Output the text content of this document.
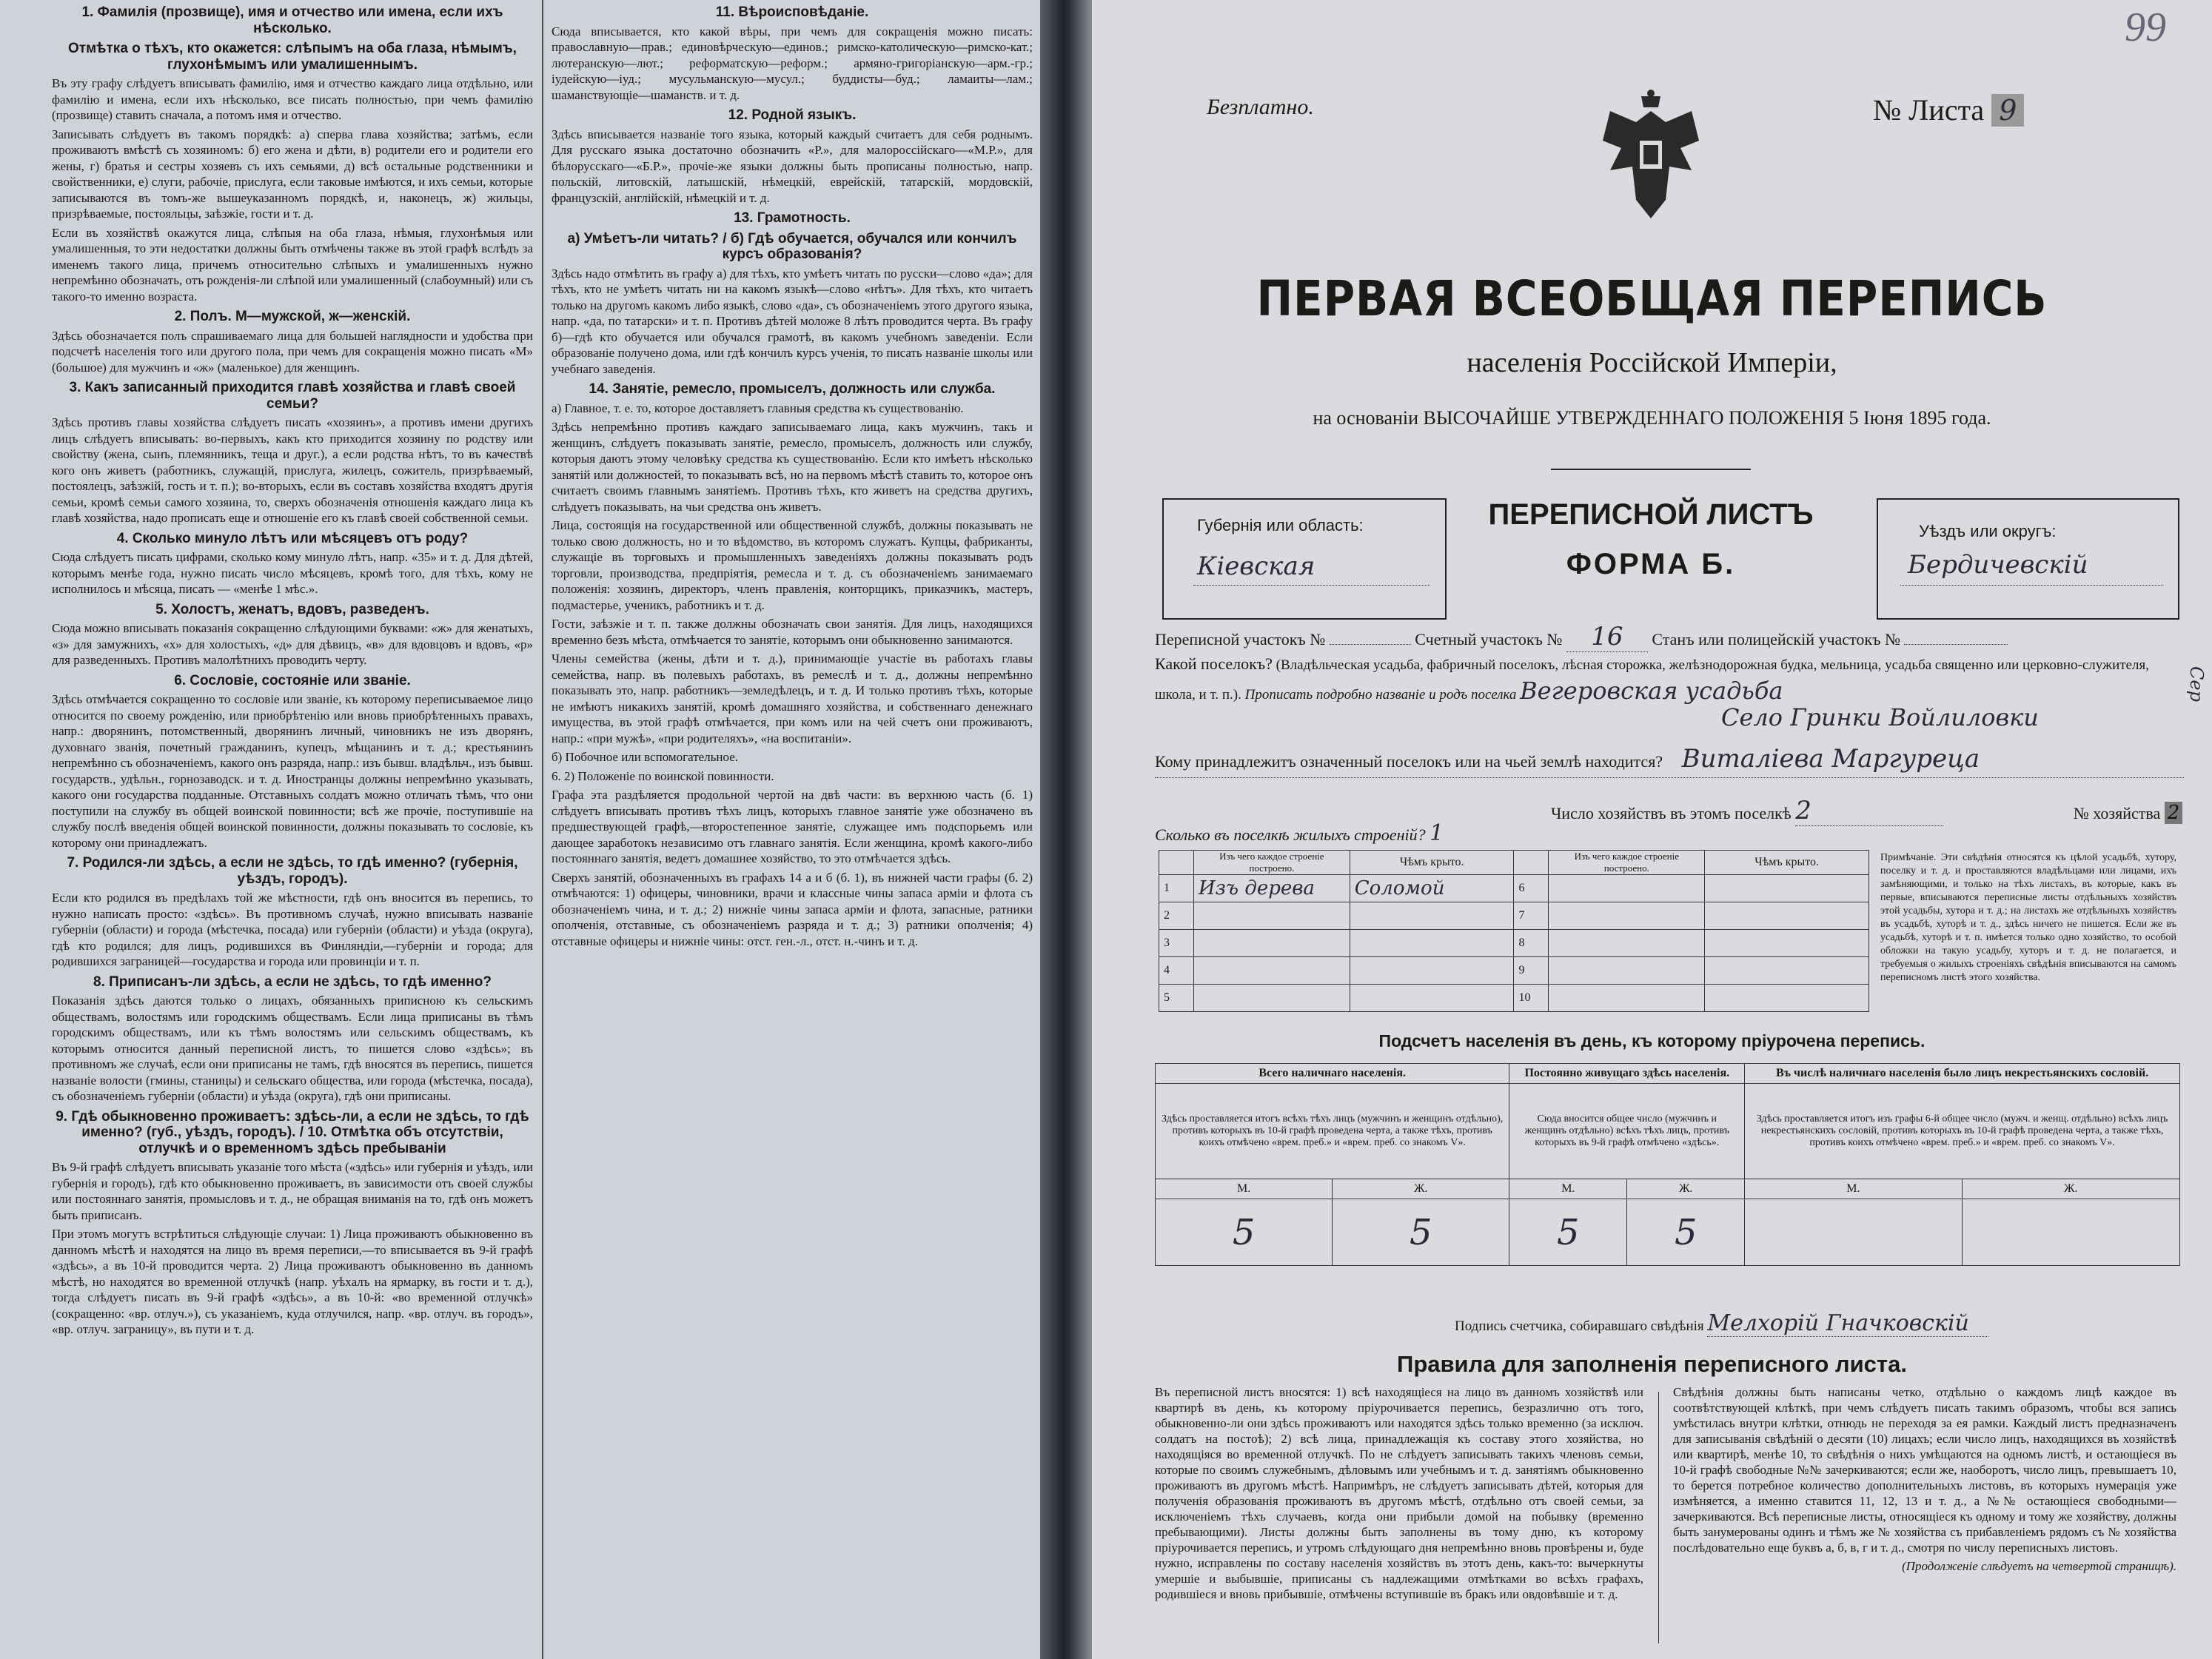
1. Фамилія (прозвище), имя и отчество или имена, если ихъ нѣсколько.
Отмѣтка о тѣхъ, кто окажется: слѣпымъ на оба глаза, нѣмымъ, глухонѣмымъ или умалишеннымъ.

Въ эту графу слѣдуетъ вписывать фамилію, имя и отчество каждаго лица отдѣльно, или фамилію и имена, если ихъ нѣсколько, все писать полностью, при чемъ фамилію (прозвище) ставить сначала, а потомъ имя и отчество.

Записывать слѣдуетъ въ такомъ порядкѣ: а) сперва глава хозяйства; затѣмъ, если проживаютъ вмѣстѣ съ хозяиномъ: б) его жена и дѣти, в) родители его и родители его жены, г) братья и сестры хозяевъ съ ихъ семьями, д) всѣ остальные родственники и свойственники, е) слуги, рабочіе, прислуга, если таковые имѣются, и ихъ семьи, которые записываются въ томъ-же вышеуказанномъ порядкѣ, и, наконецъ, ж) жильцы, призрѣваемые, постояльцы, заѣзжіе, гости и т. д.

Если въ хозяйствѣ окажутся лица, слѣпыя на оба глаза, нѣмыя, глухонѣмыя или умалишенныя, то эти недостатки должны быть отмѣчены также въ этой графѣ вслѣдъ за именемъ такого лица, причемъ относительно слѣпыхъ и умалишенныхъ нужно непремѣнно обозначать, отъ рожденія-ли слѣпой или умалишенный (слабоумный) или съ такого-то именно возраста.

2. Полъ. М—мужской, ж—женскій.

Здѣсь обозначается полъ спрашиваемаго лица для большей наглядности и удобства при подсчетѣ населенія того или другого пола, при чемъ для сокращенія можно писать «М» (большое) для мужчинъ и «ж» (маленькое) для женщинъ.

3. Какъ записанный приходится главѣ хозяйства и главѣ своей семьи?

Здѣсь противъ главы хозяйства слѣдуетъ писать «хозяинъ», а противъ имени другихъ лицъ слѣдуетъ вписывать: во-первыхъ, какъ кто приходится хозяину по родству или свойству (жена, сынъ, племянникъ, теща и друг.), а если родства нѣтъ, то въ качествѣ кого онъ живетъ (работникъ, служащій, прислуга, жилецъ, сожитель, призрѣваемый, постоялецъ, заѣзжій, гость и т. п.); во-вторыхъ, если въ составъ хозяйства входятъ другія семьи, кромѣ семьи самого хозяина, то, сверхъ обозначенія отношенія каждаго лица къ главѣ хозяйства, надо прописать еще и отношеніе его къ главѣ своей собственной семьи.

4. Сколько минуло лѣтъ или мѣсяцевъ отъ роду?

Сюда слѣдуетъ писать цифрами, сколько кому минуло лѣтъ, напр. «35» и т. д. Для дѣтей, которымъ менѣе года, нужно писать число мѣсяцевъ, кромѣ того, для тѣхъ, кому не исполнилось и мѣсяца, писать — «менѣе 1 мѣс.».

5. Холостъ, женатъ, вдовъ, разведенъ.

Сюда можно вписывать показанія сокращенно слѣдующими буквами: «ж» для женатыхъ, «з» для замужнихъ, «х» для холостыхъ, «д» для дѣвицъ, «в» для вдовцовъ и вдовъ, «р» для разведенныхъ. Противъ малолѣтнихъ проводить черту.

6. Сословіе, состояніе или званіе.

Здѣсь отмѣчается сокращенно то сословіе или званіе, къ которому переписываемое лицо относится по своему рожденію, или приобрѣтенію или вновь приобрѣтенныхъ правахъ, напр.: дворянинъ, потомственный, дворянинъ личный, чиновникъ не изъ дворянъ, духовнаго званія, почетный гражданинъ, купецъ, мѣщанинъ и т. д.; крестьянинъ непремѣнно съ обозначеніемъ, какого онъ разряда, напр.: изъ бывш. владѣльч., изъ бывш. государств., удѣльн., горнозаводск. и т. д. Иностранцы должны непремѣнно указывать, какого они государства подданные. Отставныхъ солдатъ можно отличать тѣмъ, что они поступили на службу въ общей воинской повинности; всѣ же прочіе, поступившіе на службу послѣ введенія общей воинской повинности, должны показывать то сословіе, къ которому они принадлежатъ.

7. Родился-ли здѣсь, а если не здѣсь, то гдѣ именно? (губернія, уѣздъ, городъ).

Если кто родился въ предѣлахъ той же мѣстности, гдѣ онъ вносится въ перепись, то нужно написать просто: «здѣсь». Въ противномъ случаѣ, нужно вписывать названіе губерніи (области) и города (мѣстечка, посада) или губерніи (области) и уѣзда (округа), гдѣ кто родился; для лицъ, родившихся въ Финляндіи,—губерніи и города; для родившихся заграницей—государства и города или провинціи и т. п.

8. Приписанъ-ли здѣсь, а если не здѣсь, то гдѣ именно?

Показанія здѣсь даются только о лицахъ, обязанныхъ приписною къ сельскимъ обществамъ, волостямъ или городскимъ обществамъ. Если лица приписаны въ тѣмъ городскимъ обществамъ, или къ тѣмъ волостямъ или сельскимъ обществамъ, къ которымъ относится данный переписной листъ, то пишется слово «здѣсь»; въ противномъ же случаѣ, если они приписаны не тамъ, гдѣ вносятся въ перепись, пишется названіе волости (гмины, станицы) и сельскаго общества, или города (мѣстечка, посада), съ обозначеніемъ губерніи (области) и уѣзда (округа), гдѣ они приписаны.

9. Гдѣ обыкновенно проживаетъ: здѣсь-ли, а если не здѣсь, то гдѣ именно? (губ., уѣздъ, городъ). / 10. Отмѣтка объ отсутствіи, отлучкѣ и о временномъ здѣсь пребываніи

Въ 9-й графѣ слѣдуетъ вписывать указаніе того мѣста («здѣсь» или губернія и уѣздъ, или губернія и городъ), гдѣ кто обыкновенно проживаетъ, въ зависимости отъ своей службы или постояннаго занятія, промысловъ и т. д., не обращая вниманія на то, гдѣ онъ можетъ быть приписанъ.

При этомъ могутъ встрѣтиться слѣдующіе случаи: 1) Лица проживаютъ обыкновенно въ данномъ мѣстѣ и находятся на лицо въ время переписи,—то вписывается въ 9-й графѣ «здѣсь», а въ 10-й проводится черта. 2) Лица проживаютъ обыкновенно въ данномъ мѣстѣ, но находятся во временной отлучкѣ (напр. уѣхалъ на ярмарку, въ гости и т. д.), тогда слѣдуетъ писать въ 9-й графѣ «здѣсь», а въ 10-й: «во временной отлучкѣ» (сокращенно: «вр. отлуч.»), съ указаніемъ, куда отлучился, напр. «вр. отлуч. въ городъ», «вр. отлуч. заграницу», въ пути и т. д.

11. Вѣроисповѣданіе.

Сюда вписывается, кто какой вѣры, при чемъ для сокращенія можно писать: православную—прав.; единовѣрческую—единов.; римско-католическую—римско-кат.; лютеранскую—лют.; реформатскую—реформ.; армяно-григоріанскую—арм.-гр.; іудейскую—іуд.; мусульманскую—мусул.; буддисты—буд.; ламаиты—лам.; шаманствующіе—шаманств. и т. д.

12. Родной языкъ.

Здѣсь вписывается названіе того языка, который каждый считаетъ для себя роднымъ. Для русскаго языка достаточно обозначить «Р.», для малороссійскаго—«М.Р.», для бѣлорусскаго—«Б.Р.», прочіе-же языки должны быть прописаны полностью, напр. польскій, литовскій, латышскій, нѣмецкій, еврейскій, татарскій, мордовскій, французскій, англійскій, нѣмецкій и т. д.

13. Грамотность.
а) Умѣетъ-ли читать? / б) Гдѣ обучается, обучался или кончилъ курсъ образованія?

Здѣсь надо отмѣтить въ графу а) для тѣхъ, кто умѣетъ читать по русски—слово «да»; для тѣхъ, кто не умѣетъ читать ни на какомъ языкѣ—слово «нѣтъ». Для тѣхъ, кто читаетъ только на другомъ какомъ либо языкѣ, слово «да», съ обозначеніемъ этого другого языка, напр. «да, по татарски» и т. п. Противъ дѣтей моложе 8 лѣтъ проводится черта. Въ графу б)—гдѣ кто обучается или обучался грамотѣ, въ какомъ учебномъ заведеніи. Если образованіе получено дома, или гдѣ кончилъ курсъ ученія, то писать названіе школы или учебнаго заведенія.

14. Занятіе, ремесло, промыселъ, должность или служба.

а) Главное, т. е. то, которое доставляетъ главныя средства къ существованію.

Здѣсь непремѣнно противъ каждаго записываемаго лица, какъ мужчинъ, такъ и женщинъ, слѣдуетъ показывать занятіе, ремесло, промыселъ, должность или службу, которыя даютъ этому человѣку средства къ существованію. Если кто имѣетъ нѣсколько занятій или должностей, то показывать всѣ, но на первомъ мѣстѣ ставить то, которое онъ считаетъ своимъ главнымъ занятіемъ. Противъ тѣхъ, кто живетъ на средства другихъ, слѣдуетъ показывать, на чьи средства онъ живетъ.

Лица, состоящія на государственной или общественной службѣ, должны показывать не только свою должность, но и то вѣдомство, въ которомъ служатъ. Купцы, фабриканты, служащіе въ торговыхъ и промышленныхъ заведеніяхъ должны показывать родъ торговли, производства, предпріятія, ремесла и т. д. съ обозначеніемъ занимаемаго положенія: хозяинъ, директоръ, членъ правленія, конторщикъ, приказчикъ, мастеръ, подмастерье, ученикъ, работникъ и т. д.

Гости, заѣзжіе и т. п. также должны обозначать свои занятія. Для лицъ, находящихся временно безъ мѣста, отмѣчается то занятіе, которымъ они обыкновенно занимаются.

Члены семейства (жены, дѣти и т. д.), принимающіе участіе въ работахъ главы семейства, напр. въ полевыхъ работахъ, въ ремеслѣ и т. д., должны непремѣнно показывать это, напр. работникъ—земледѣлецъ, и т. д. И только противъ тѣхъ, которые не имѣютъ никакихъ занятій, кромѣ домашняго хозяйства, и собственнаго денежнаго имущества, въ этой графѣ отмѣчается, при комъ или на чей счетъ они проживаютъ, напр.: «при мужѣ», «при родителяхъ», «на воспитаніи».

б) Побочное или вспомогательное.

6. 2) Положеніе по воинской повинности.

Графа эта раздѣляется продольной чертой на двѣ части: въ верхнюю часть (б. 1) слѣдуетъ вписывать противъ тѣхъ лицъ, которыхъ главное занятіе уже обозначено въ предшествующей графѣ,—второстепенное занятіе, служащее имъ подспорьемъ или дающее заработокъ независимо отъ главнаго занятія. Если женщина, кромѣ какого-либо постояннаго занятія, ведетъ домашнее хозяйство, то это отмѣчается здѣсь.

Сверхъ занятій, обозначенныхъ въ графахъ 14 а и б (б. 1), въ нижней части графы (б. 2) отмѣчаются: 1) офицеры, чиновники, врачи и классные чины запаса арміи и флота съ обозначеніемъ чина, и т. д.; 2) нижніе чины запаса арміи и флота, запасные, ратники ополченія, отставные, съ обозначеніемъ разряда и т. д.; 3) ратники ополченія; 4) отставные офицеры и нижніе чины: отст. ген.-л., отст. н.-чинъ и т. д.

Безплатно.	№ Листа 9
99
ПЕРВАЯ ВСЕОБЩАЯ ПЕРЕПИСЬ
населенія Россійской Имперіи,
на основаніи ВЫСОЧАЙШЕ УТВЕРЖДЕННАГО ПОЛОЖЕНІЯ 5 Іюня 1895 года.
Губернія или область:
Кіевская
ПЕРЕПИСНОЙ ЛИСТЪ
ФОРМА Б.
Уѣздъ или округъ:
Бердичевскій
Переписной участокъ №	Счетный участокъ № 16 Станъ или полицейскій участокъ №
Какой поселокъ? (Владѣльческая усадьба, фабричный поселокъ, лѣсная сторожка, желѣзнодорожная будка, мельница, усадьба священно или церковно-служителя, школа, и т. п.). Прописать подробно названіе и родъ поселка Вегеровская усадьба
Село Гринки Войлиловки
Кому принадлежитъ означенный поселокъ или на чьей землѣ находится? Виталіева Маргуреца
Число хозяйствъ въ этомъ поселкѣ 2	№ хозяйства 2
Сколько въ поселкѣ жилыхъ строеній? 1
	Изъ чего каждое строеніе построено.	Чѣмъ крыто.		Изъ чего каждое строеніе построено.	Чѣмъ крыто.
1	Изъ дерева	Соломой	6		
2			7		
3			8		
4			9		
5			10		
Примѣчаніе. Эти свѣдѣнія относятся къ цѣлой усадьбѣ, хутору, поселку и т. д. и проставляются владѣльцами или лицами, ихъ замѣняющими, и только на тѣхъ листахъ, въ которые, какъ въ первые, вписываются переписные листы отдѣльныхъ хозяйствъ этой усадьбы, хутора и т. д.; на листахъ же отдѣльныхъ хозяйствъ въ усадьбѣ, хуторѣ и т. д., здѣсь ничего не пишется. Если же въ усадьбѣ, хуторѣ и т. п. имѣется только одно хозяйство, то особой обложки на такую усадьбу, хуторъ и т. д. не полагается, и требуемыя о жилыхъ строеніяхъ свѣдѣнія вписываются на самомъ переписномъ листѣ этого хозяйства.
Подсчетъ населенія въ день, къ которому пріурочена перепись.
Всего наличнаго населенія.		Постоянно живущаго здѣсь населенія.		Въ числѣ наличнаго населенія было лицъ некрестьянскихъ сословій.	
Здѣсь проставляется итогъ всѣхъ тѣхъ лицъ (мужчинъ и женщинъ отдѣльно), противъ которыхъ въ 10-й графѣ проведена черта, а также тѣхъ, противъ коихъ отмѣчено «врем. преб.» и «врем. преб. со знакомъ V».		Сюда вносится общее число (мужчинъ и женщинъ отдѣльно) всѣхъ тѣхъ лицъ, противъ которыхъ въ 9-й графѣ отмѣчено «здѣсь».		Здѣсь проставляется итогъ изъ графы 6-й общее число (мужч. и женщ. отдѣльно) всѣхъ лицъ некрестьянскихъ сословій, противъ которыхъ въ 10-й графѣ проведена черта, а также тѣхъ, противъ коихъ отмѣчено «врем. преб.» и «врем. преб. со знакомъ V».	
М.	Ж.	М.	Ж.	М.	Ж.
5	5	5	5		
Подпись счетчика, собиравшаго свѣдѣнія Мелхорій Гначковскій
Правила для заполненія переписного листа.
Въ переписной листъ вносятся: 1) всѣ находящіеся на лицо въ данномъ хозяйствѣ или квартирѣ въ день, къ которому пріурочивается перепись, безразлично отъ того, обыкновенно-ли они здѣсь проживаютъ или находятся здѣсь только временно (за исключ. солдатъ на постоѣ); 2) всѣ лица, принадлежащія къ составу этого хозяйства, но находящіяся во временной отлучкѣ. По не слѣдуетъ записывать такихъ членовъ семьи, которые по своимъ служебнымъ, дѣловымъ или учебнымъ и т. д. занятіямъ обыкновенно проживаютъ въ другомъ мѣстѣ. Напримѣръ, не слѣдуетъ записывать дѣтей, которыя для полученія образованія проживаютъ въ другомъ мѣстѣ, отдѣльно отъ своей семьи, за исключеніемъ тѣхъ случаевъ, когда они прибыли домой на побывку (временно пребывающими). Листы должны быть заполнены въ тому дню, къ которому пріурочивается перепись, и утромъ слѣдующаго дня непремѣнно вновь провѣрены и, буде нужно, исправлены по составу населенія хозяйствъ въ этотъ день, какъ-то: вычеркнуты умершіе и выбывшіе, приписаны съ надлежащими отмѣтками во всѣхъ графахъ, родившіеся и вновь прибывшіе, отмѣчены вступившіе въ бракъ или овдовѣвшіе и т. д.
Свѣдѣнія должны быть написаны четко, отдѣльно о каждомъ лицѣ каждое въ соотвѣтствующей клѣткѣ, при чемъ слѣдуетъ писать такимъ образомъ, чтобы вся запись умѣстилась внутри клѣтки, отнюдь не переходя за ея рамки. Каждый листъ предназначенъ для записыванія свѣдѣній о десяти (10) лицахъ; если число лицъ, находящихся въ хозяйствѣ или квартирѣ, менѣе 10, то свѣдѣнія о нихъ умѣщаются на одномъ листѣ, и остающіеся въ 10-й графѣ свободные №№ зачеркиваются; если же, наоборотъ, число лицъ, превышаетъ 10, то берется потребное количество дополнительныхъ листовъ, въ которыхъ нумерація уже измѣняется, а именно ставится 11, 12, 13 и т. д., а №№ остающіеся свободными—зачеркиваются. Всѣ переписные листы, относящіеся къ одному и тому же хозяйству, должны быть занумерованы одинъ и тѣмъ же № хозяйства съ прибавленіемъ рядомъ съ № хозяйства послѣдовательно еще буквъ а, б, в, г и т. д., смотря по числу переписныхъ листовъ.
(Продолженіе слѣдуетъ на четвертой страницѣ).
Сер
